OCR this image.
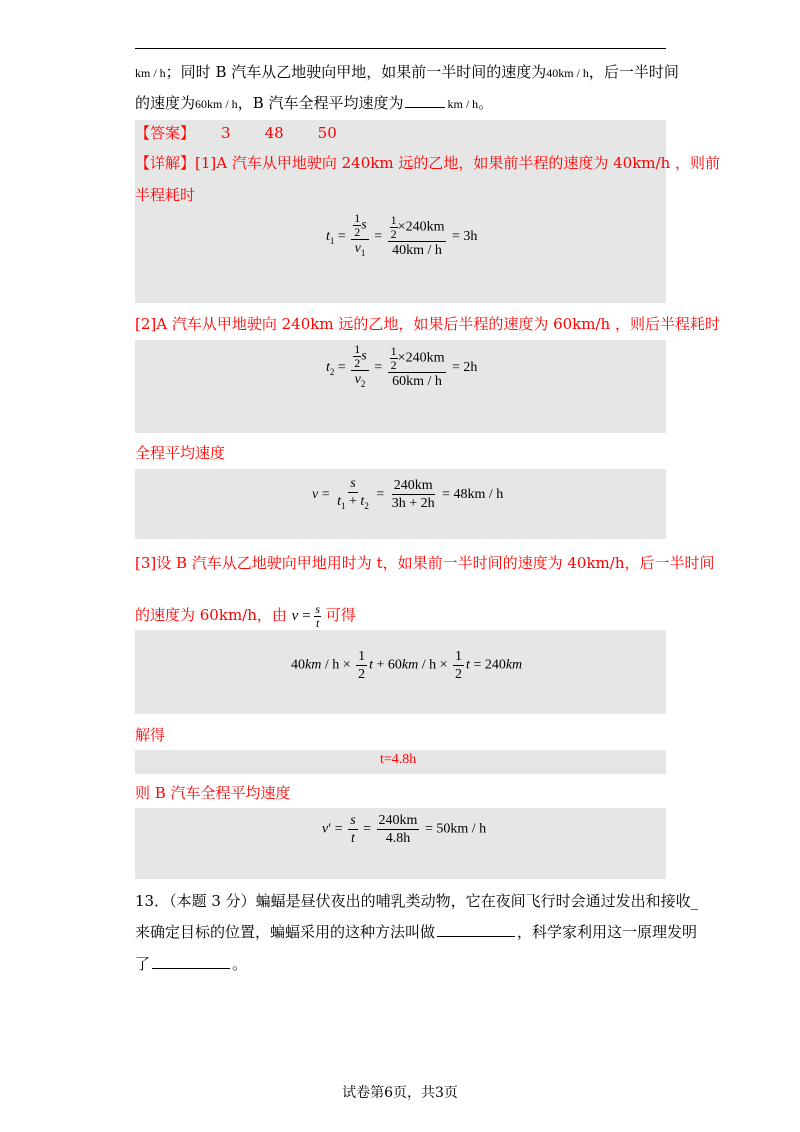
km / h；同时 B 汽车从乙地驶向甲地，如果前一半时间的速度为40km / h，后一半时间
的速度为60km / h，B 汽车全程平均速度为	km / h。
【答案】 3 48 50
【详解】[1]A 汽车从甲地驶向 240km 远的乙地，如果前半程的速度为 40km/h ，则前
半程耗时
$t_1 = \frac{\frac{1}{2} s}{v_1} = \frac{\frac{1}{2} \times 240km}{40km / h} = 3h$
[2]A 汽车从甲地驶向 240km 远的乙地，如果后半程的速度为 60km/h ，则后半程耗时
$t_2 = \frac{\frac{1}{2} s}{v_2} = \frac{\frac{1}{2} \times 240km}{60km / h} = 2h$
全程平均速度
$v = \frac{s}{t_1 + t_2} = \frac{240km}{3h + 2h} = 48km / h$
[3]设 B 汽车从乙地驶向甲地用时为 t，如果前一半时间的速度为 40km/h，后一半时间
的速度为 60km/h，由 $v = \frac{s}{t}$ 可得
$40km / h \times \frac{1}{2}$ $t + 60km / h \times \frac{1}{2}$ t = 240km
解得
t=4.8h
则 B 汽车全程平均速度
$v' = \frac{s}{t} = \frac{240km}{4.8h} = 50km / h$
13．（本题 3 分）蝙蝠是昼伏夜出的哺乳类动物，它在夜间飞行时会通过发出和接收_
来确定目标的位置，蝙蝠采用的这种方法叫做	，科学家利用这一原理发明
了	。
试卷第6页，共3页
